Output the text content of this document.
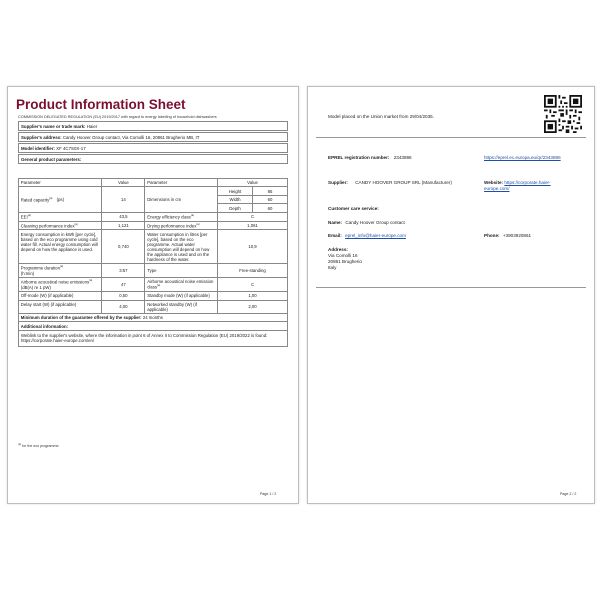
Product Information Sheet
COMMISSION DELEGATED REGULATION (EU) 2019/2017 with regard to energy labelling of household dishwashers
Supplier's name or trade mark: Haier
Supplier's address: Candy Hoover Group contact, Via Comolli 16, 20861 Brugherio MB, IT
Model identifier: XF 4C7S0X-17
General product parameters:
Parameter	Value	Parameter	Value	
Rated capacity$^{(a)}$ (ps)	14	Dimensions in cm	Height	85
			Width	60
			Depth	60
EEI$^{(a)}$	43,5	Energy efficiency class$^{(a)}$	C	
Cleaning performance index$^{(a)}$	1,121	Drying performance index$^{(a)}$	1,061	
Energy consumption in kWh [per cycle], based on the eco programme using cold water fill. Actual energy consumption will depend on how the appliance is used.	0,740	Water consumption in litres [per cycle], based on the eco programme. Actual water consumption will depend on how the appliance is used and on the hardness of the water.	10,9	
Programme duration$^{(a)}$
(h:min)	3:57	Type	Free-standing	
Airborne acoustical noise emissions$^{(a)}$
(dB(A) re 1 pW)	47	Airborne acoustical noise emission class$^{(a)}$	C	
Off-mode (W) (if applicable)	0,50	Standby mode (W) (if applicable)	1,00	
Delay start (W) (if applicable)	4,00	Networked standby (W) (if applicable)	2,00	
Minimum duration of the guarantee offered by the supplier: 24 months				
Additional information:				
Weblink to the supplier's website, where the information in point 6 of Annex II to Commission Regulation (EU) 2019/2022 is found: https://corporate.haier-europe.com/en/				
$^{(a)}$ for the eco programme.
Page 1 / 2
Model placed on the Union market from 29/04/2035.
EPREL registration number: 2343896	https://eprel.ec.europa.eu/qr/2343896
Supplier: CANDY HOOVER GROUP SRL (Manufacturer)	Website: https://corporate.haier-europe.com/
Customer care service:
Name: Candy Hoover Group contact
Email: eprel_info@haier-europe.com	Phone: +3903920861
Address:
Via Comolli 16
20861 Brugherio
Italy
Page 2 / 2
